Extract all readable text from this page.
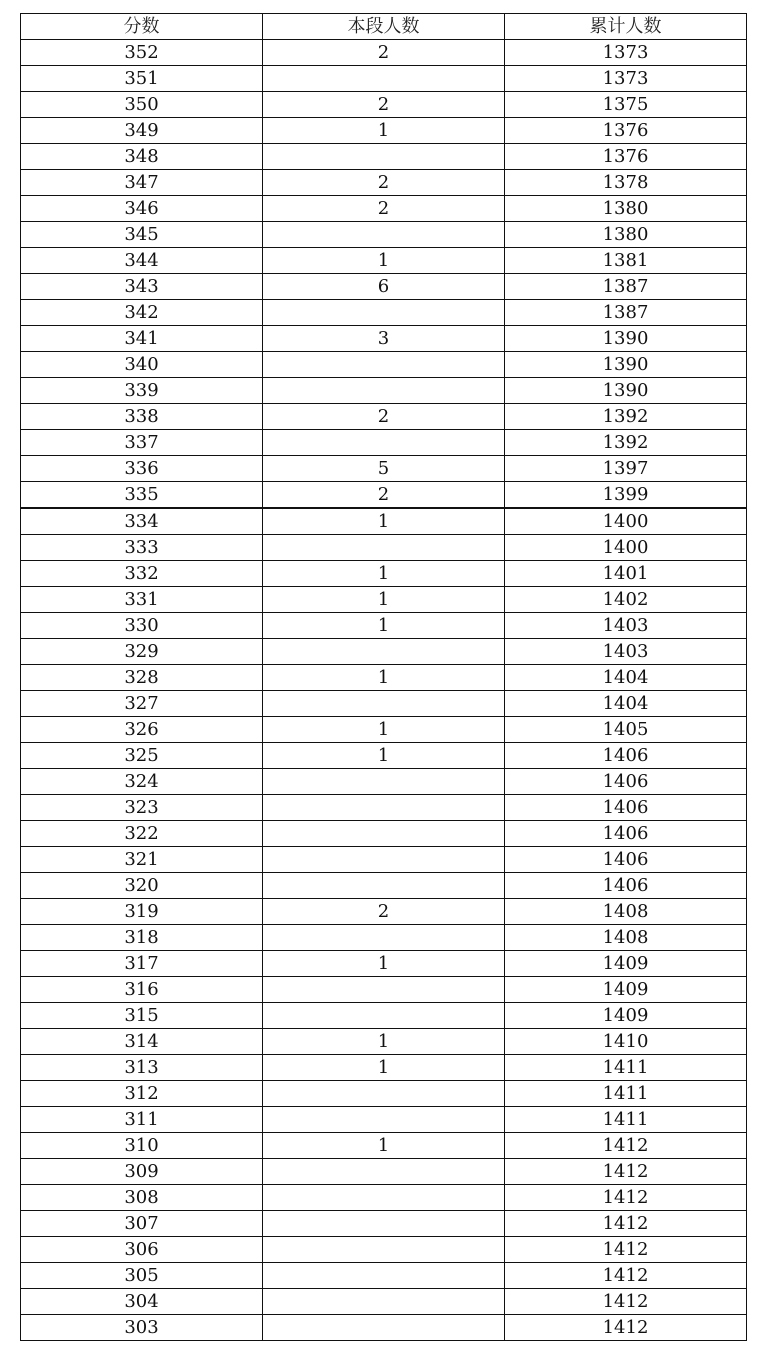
分数	本段人数	累计人数
352	2	1373
351		1373
350	2	1375
349	1	1376
348		1376
347	2	1378
346	2	1380
345		1380
344	1	1381
343	6	1387
342		1387
341	3	1390
340		1390
339		1390
338	2	1392
337		1392
336	5	1397
335	2	1399
334	1	1400
333		1400
332	1	1401
331	1	1402
330	1	1403
329		1403
328	1	1404
327		1404
326	1	1405
325	1	1406
324		1406
323		1406
322		1406
321		1406
320		1406
319	2	1408
318		1408
317	1	1409
316		1409
315		1409
314	1	1410
313	1	1411
312		1411
311		1411
310	1	1412
309		1412
308		1412
307		1412
306		1412
305		1412
304		1412
303		1412
